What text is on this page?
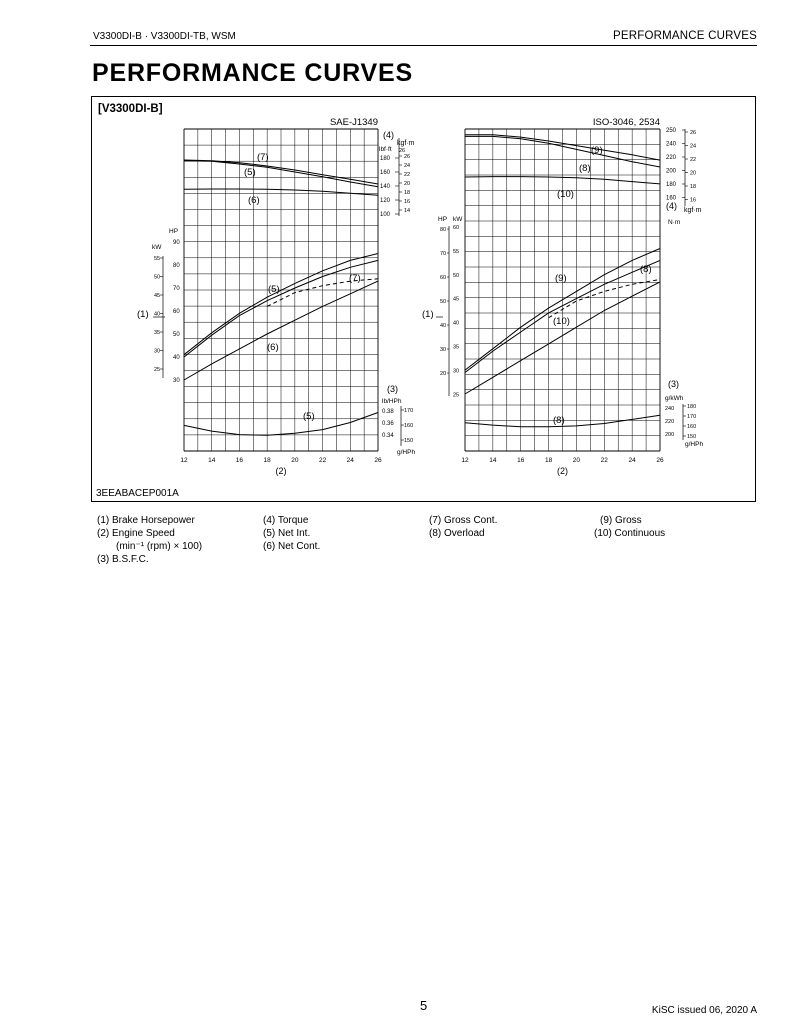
V3300DI-B · V3300DI-TB, WSM	PERFORMANCE CURVES
PERFORMANCE CURVES
[V3300DI-B]
3EEABACEP001A
SAE-J1349
12	14	16	18	20	22	24	26
(2)
(7)
(5)
(6)
(7)
(5)
(6)
(5)
(4)
lbf·ft
kgf·m
26
180
160
140
120
100
26
24
22
20
18
16
14
(1)
HP
kW
90
80
70
60
50
40
30
55
50
45
40
35
30
25
(3)
lb/HPh
g/HPh
0.38
0.36
0.34
170
160
150
ISO-3046, 2534
12	14	16	18	20	22	24	26
(2)
(9)
(8)
(10)
(9)
(8)
(10)
(8)
250
240
220
200
180
160
26
24
22
20
18
16
(4) kgf·m
N·m
(1)
HP kW
80
70
60
50
40
30
20
60
55
50
45
40
35
30
25
(3)
g/kWh
240
220
200
180
170
160
150
g/HPh
(1) Brake Horsepower
(2) Engine Speed
(min⁻¹ (rpm) × 100)
(3) B.S.F.C.
(4) Torque
(5) Net Int.
(6) Net Cont.
(7) Gross Cont.
(8) Overload
(9) Gross
(10) Continuous
5	KiSC issued 06, 2020 A
